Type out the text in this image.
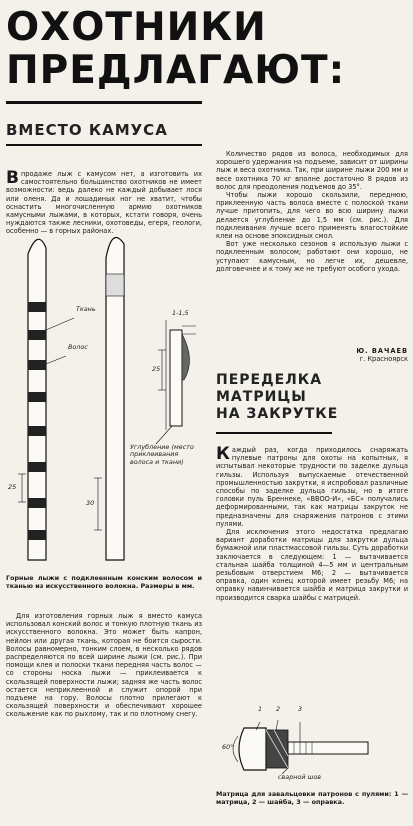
ОХОТНИКИ
ПРЕДЛАГАЮТ:
ВМЕСТО КАМУСА

Впродаже лыж с камусом нет, а изготовить их самостоятельно большинство охотников не имеет возможности: ведь далеко не каждый добывает лося или оленя. Да и лошадиных ног не хватит, чтобы оснастить многочисленную армию охотников камусными лыжами, в которых, кстати говоря, очень нуждаются также лесники, охотоведы, егеря, геологи, особенно — в горных районах.

Ткань
Волос
1-1,5
25
25
30
Углубление (место приклеивания волоса и ткани)
Горные лыжи с подклеенным конским волосом и тканью из искусственного волокна. Размеры в мм.

Для изготовления горных лыж я вместо камуса использовал конский волос и тонкую плотную ткань из искусственного волокна. Это может быть капрон, нейлон или другая ткань, которая не боится сырости. Волосы равномерно, тонким слоем, в несколько рядов распределяются по всей ширине лыжи (см. рис.). При помощи клея и полоски ткани передняя часть волос — со стороны носка лыжи — приклеивается к скользящей поверхности лыжи; задняя же часть волос остается неприклеенной и служит опорой при подъеме на гору. Волосы плотно прилегают к скользящей поверхности и обеспечивают хорошее скольжение как по рыхлому, так и по плотному снегу.

Количество рядов из волоса, необходимых для хорошего удержания на подъеме, зависит от ширины лыж и веса охотника. Так, при ширине лыжи 200 мм и весе охотника 70 кг вполне достаточно 8 рядов из волос для преодоления подъемов до 35°.

Чтобы лыжи хорошо скользили, переднюю, приклеенную часть волоса вместе с полоской ткани лучше притопить, для чего во всю ширину лыжи делается углубление до 1,5 мм (см. рис.). Для подклеивания лучше всего применять влагостойкие клеи на основе эпоксидных смол.

Вот уже несколько сезонов я использую лыжи с подклеенным волосом; работают они хорошо, не уступают камусным, но легче их, дешевле, долговечнее и к тому же не требуют особого ухода.

Ю. ВАЧАЕВ
г. Красноярск
ПЕРЕДЕЛКА
МАТРИЦЫ
НА ЗАКРУТКЕ

Каждый раз, когда приходилось снаряжать пулевые патроны для охоты на копытных, я испытывал некоторые трудности по заделке дульца гильзы. Используя выпускаемые отечественной промышленностью закрутки, я испробовал различные способы по заделке дульца гильзы, но в итоге головки пуль Бреннеке, «ВВОО-И», «БС» получались деформированными, так как матрицы закруток не предназначены для снаряжения патронов с этими пулями.

Для исключения этого недостатка предлагаю вариант доработки матрицы для закрутки дульца бумажной или пластмассовой гильзы. Суть доработки заключается в следующем: 1 — вытачивается стальная шайба толщиной 4—5 мм и центральным резьбовым отверстием М6; 2 — вытачивается оправка, один конец которой имеет резьбу М6; на оправку навинчивается шайба и матрица закрутки и производится сварка шайбы с матрицей.

1 2	3
60°
сварной шов
Матрица для завальцовки патронов с пулями: 1 — матрица, 2 — шайба, 3 — оправка.
